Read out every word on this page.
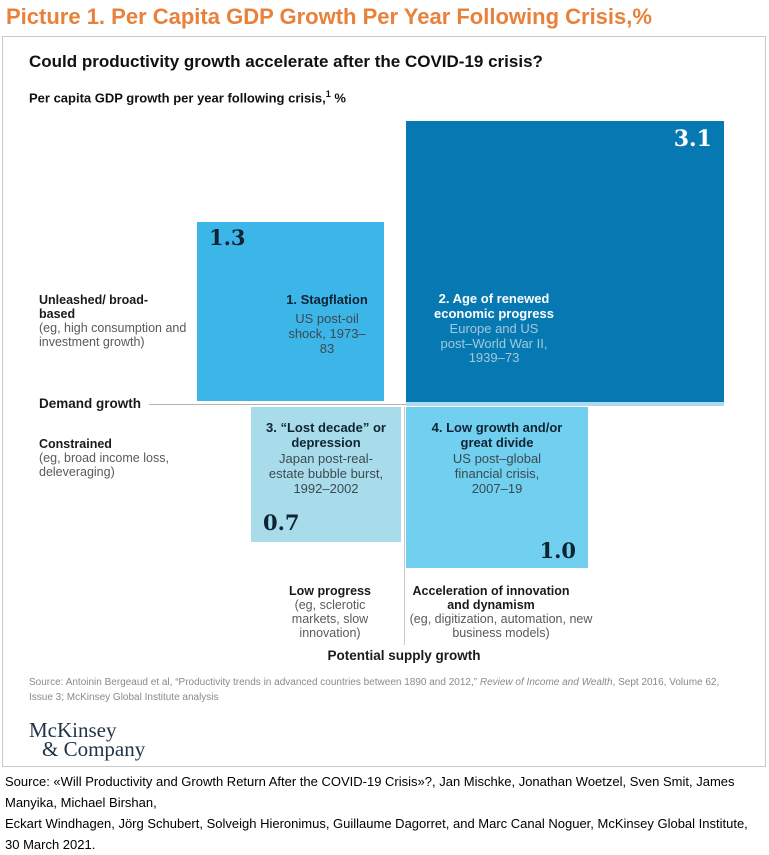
Picture 1. Per Capita GDP Growth Per Year Following Crisis,%
Could productivity growth accelerate after the COVID-19 crisis?
Per capita GDP growth per year following crisis,$^1$ %
3.1
2. Age of renewed economic progress
Europe and US post–World War II, 1939–73
1.3
1. Stagflation
US post-oil shock, 1973–83
3. “Lost decade” or depression
Japan post-real-estate bubble burst, 1992–2002
0.7
4. Low growth and/or great divide
US post–global financial crisis, 2007–19
1.0
Unleashed/ broad-based
(eg, high consumption and investment growth)
Demand growth
Constrained
(eg, broad income loss, deleveraging)
Low progress
(eg, sclerotic markets, slow innovation)
Acceleration of innovation and dynamism
(eg, digitization, automation, new business models)
Potential supply growth
Source: Antoinin Bergeaud et al, “Productivity trends in advanced countries between 1890 and 2012,” Review of Income and Wealth, Sept 2016, Volume 62, Issue 3; McKinsey Global Institute analysis
McKinsey
& Company
Source: «Will Productivity and Growth Return After the COVID-19 Crisis»?, Jan Mischke, Jonathan Woetzel, Sven Smit, James Manyika, Michael Birshan,
Eckart Windhagen, Jörg Schubert, Solveigh Hieronimus, Guillaume Dagorret, and Marc Canal Noguer, McKinsey Global Institute, 30 March 2021.
